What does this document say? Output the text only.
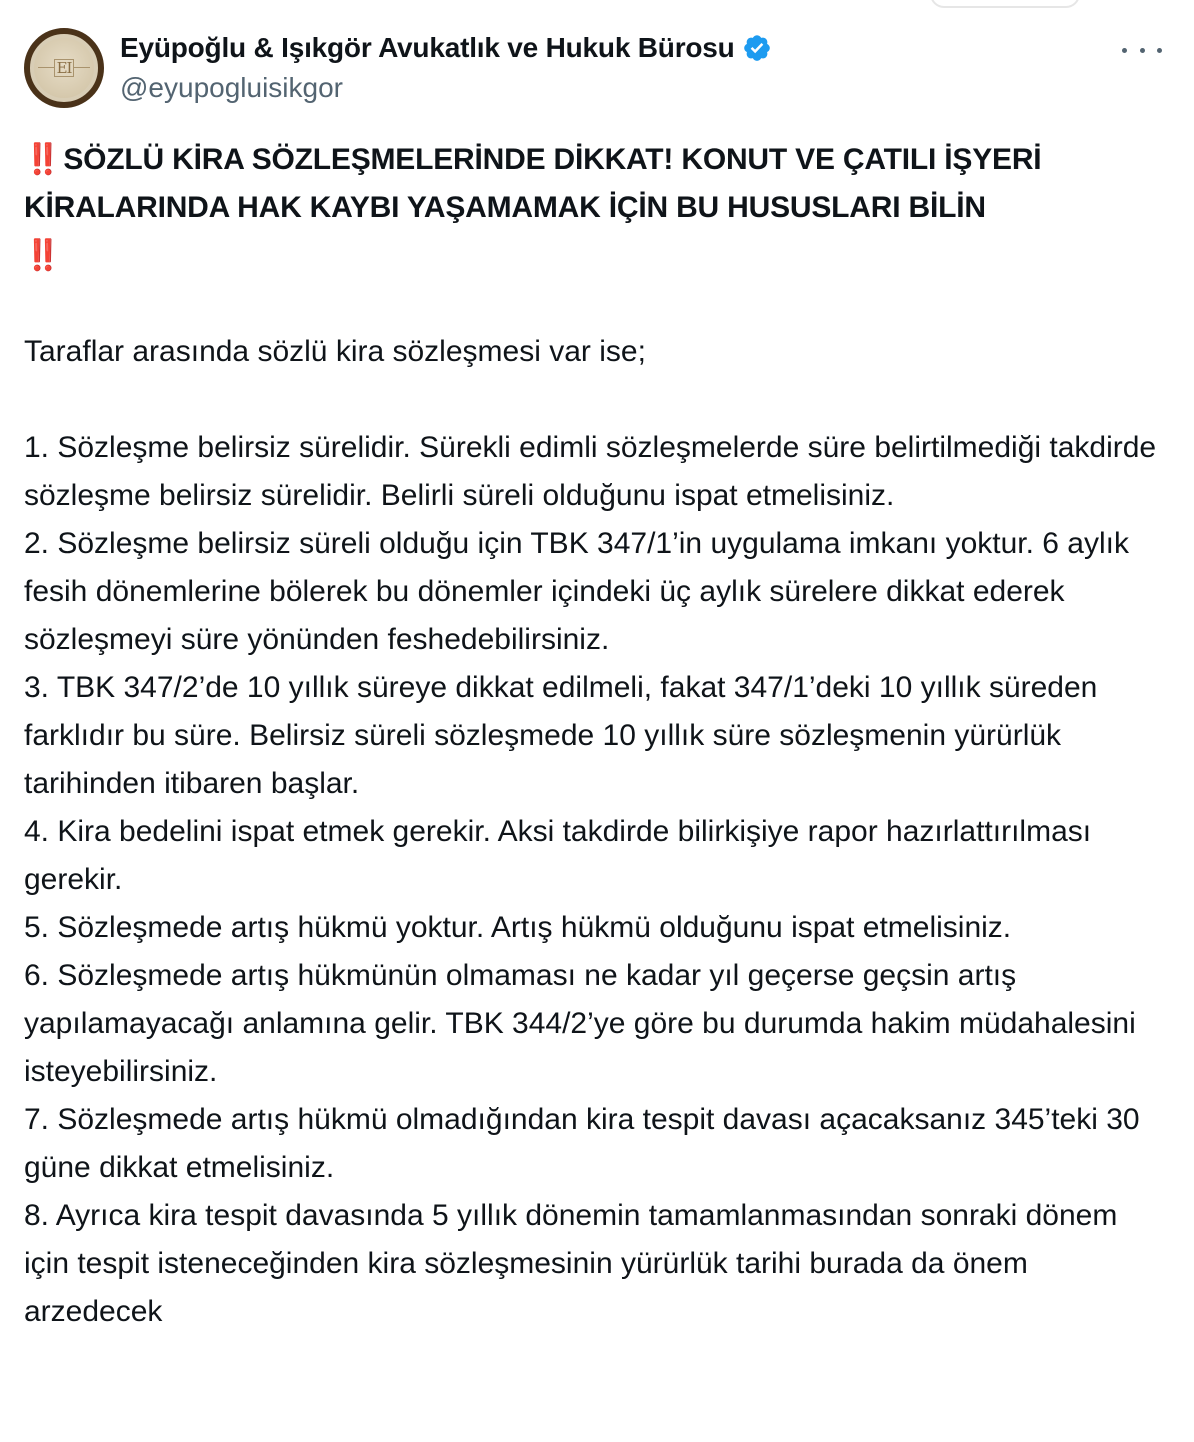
EI
Eyüpoğlu & Işıkgör Avukatlık ve Hukuk Bürosu
@eyupogluisikgor
‼️ SÖZLÜ KİRA SÖZLEŞMELERİNDE DİKKAT! KONUT VE ÇATILI İŞYERİ KİRALARINDA HAK KAYBI YAŞAMAMAK İÇİN BU HUSUSLARI BİLİN
‼️
Taraflar arasında sözlü kira sözleşmesi var ise;
1. Sözleşme belirsiz sürelidir. Sürekli edimli sözleşmelerde süre belirtilmediği takdirde sözleşme belirsiz sürelidir. Belirli süreli olduğunu ispat etmelisiniz.
2. Sözleşme belirsiz süreli olduğu için TBK 347/1’in uygulama imkanı yoktur. 6 aylık fesih dönemlerine bölerek bu dönemler içindeki üç aylık sürelere dikkat ederek sözleşmeyi süre yönünden feshedebilirsiniz.
3. TBK 347/2’de 10 yıllık süreye dikkat edilmeli, fakat 347/1’deki 10 yıllık süreden farklıdır bu süre. Belirsiz süreli sözleşmede 10 yıllık süre sözleşmenin yürürlük tarihinden itibaren başlar.
4. Kira bedelini ispat etmek gerekir. Aksi takdirde bilirkişiye rapor hazırlattırılması gerekir.
5. Sözleşmede artış hükmü yoktur. Artış hükmü olduğunu ispat etmelisiniz.
6. Sözleşmede artış hükmünün olmaması ne kadar yıl geçerse geçsin artış yapılamayacağı anlamına gelir. TBK 344/2’ye göre bu durumda hakim müdahalesini isteyebilirsiniz.
7. Sözleşmede artış hükmü olmadığından kira tespit davası açacaksanız 345’teki 30 güne dikkat etmelisiniz.
8. Ayrıca kira tespit davasında 5 yıllık dönemin tamamlanmasından sonraki dönem için tespit isteneceğinden kira sözleşmesinin yürürlük tarihi burada da önem arzedecek
